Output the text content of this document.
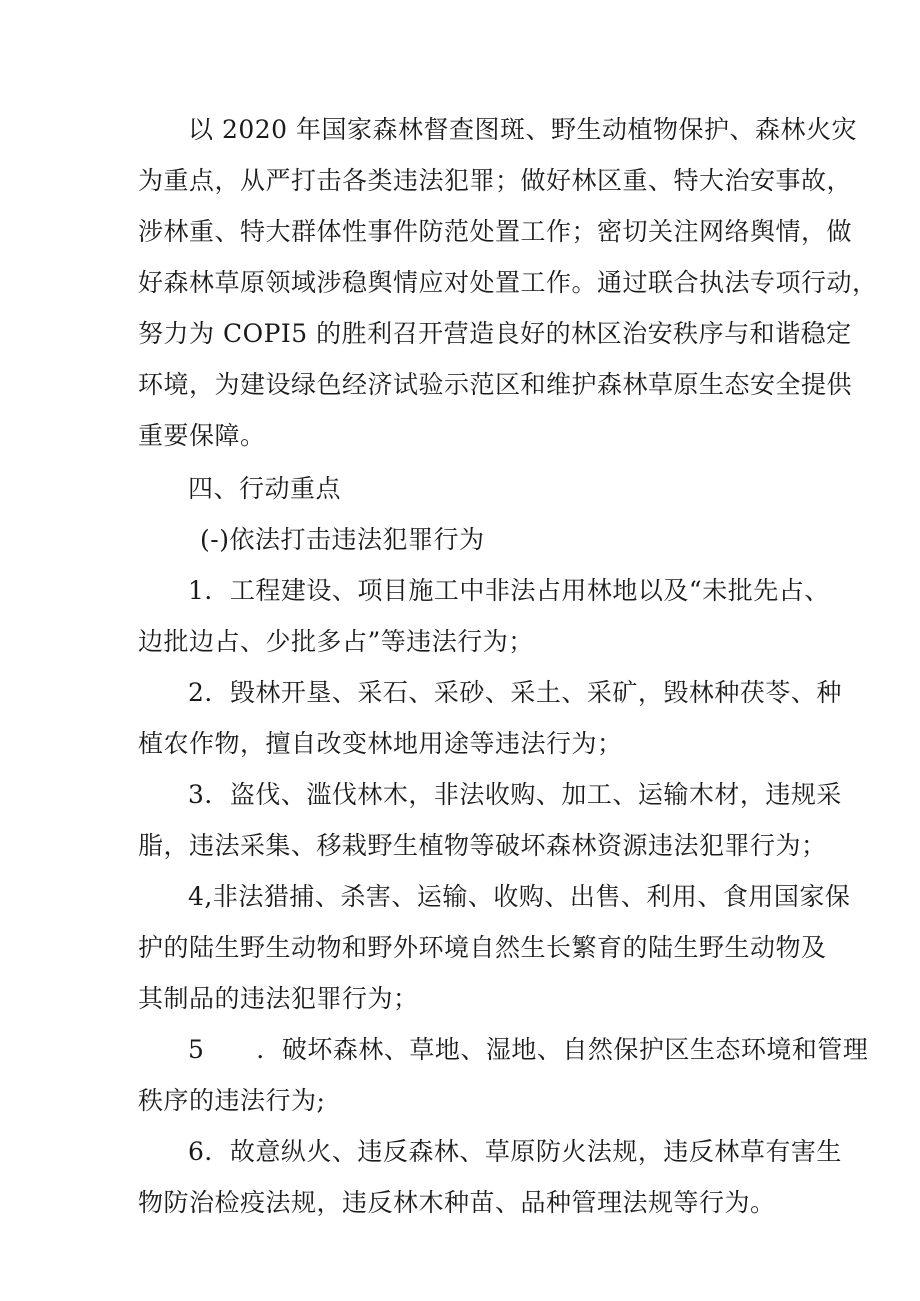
以 2020 年国家森林督查图斑、野生动植物保护、森林火灾
为重点，从严打击各类违法犯罪；做好林区重、特大治安事故，
涉林重、特大群体性事件防范处置工作；密切关注网络舆情，做
好森林草原领域涉稳舆情应对处置工作。通过联合执法专项行动，
努力为 COPI5 的胜利召开营造良好的林区治安秩序与和谐稳定
环境，为建设绿色经济试验示范区和维护森林草原生态安全提供
重要保障。
四、行动重点
(-)依法打击违法犯罪行为
1．工程建设、项目施工中非法占用林地以及“未批先占、
边批边占、少批多占”等违法行为；
2．毁林开垦、采石、采砂、采土、采矿，毁林种茯苓、种
植农作物，擅自改变林地用途等违法行为；
3．盗伐、滥伐林木，非法收购、加工、运输木材，违规采
脂，违法采集、移栽野生植物等破坏森林资源违法犯罪行为；
4,非法猎捕、杀害、运输、收购、出售、利用、食用国家保
护的陆生野生动物和野外环境自然生长繁育的陆生野生动物及
其制品的违法犯罪行为；
5 ．破坏森林、草地、湿地、自然保护区生态环境和管理
秩序的违法行为;
6．故意纵火、违反森林、草原防火法规，违反林草有害生
物防治检疫法规，违反林木种苗、品种管理法规等行为。
